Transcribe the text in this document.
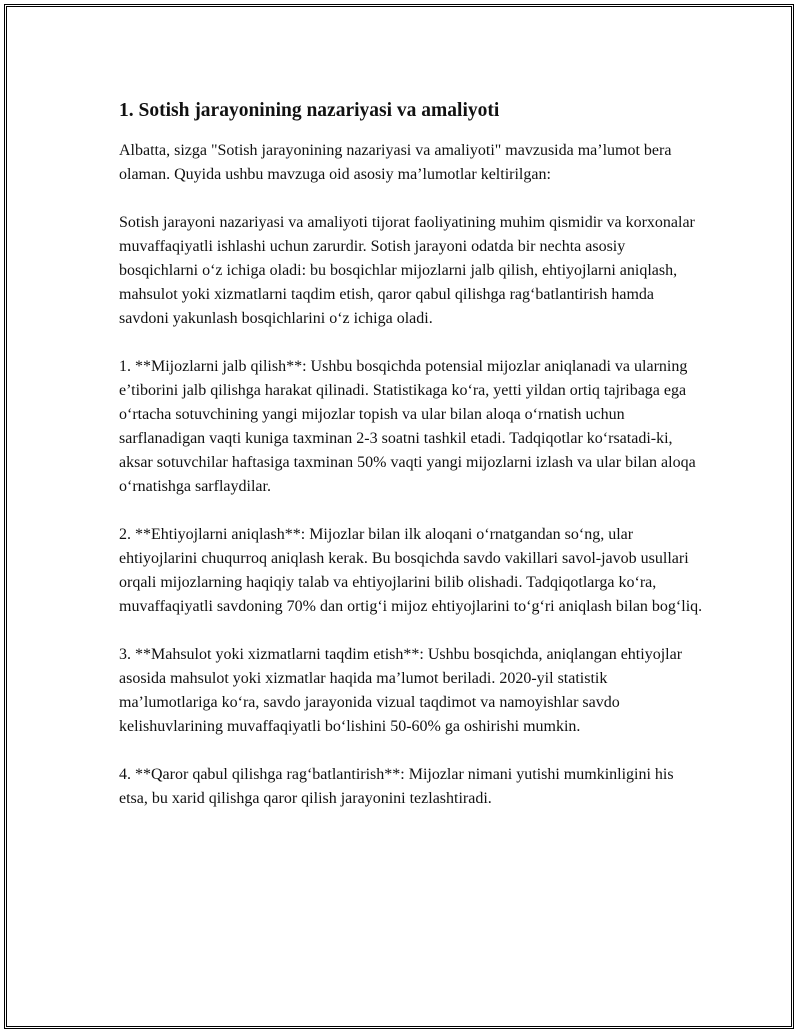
1. Sotish jarayonining nazariyasi va amaliyoti

Albatta, sizga "Sotish jarayonining nazariyasi va amaliyoti" mavzusida ma’lumot bera olaman. Quyida ushbu mavzuga oid asosiy ma’lumotlar keltirilgan:

Sotish jarayoni nazariyasi va amaliyoti tijorat faoliyatining muhim qismidir va korxonalar muvaffaqiyatli ishlashi uchun zarurdir. Sotish jarayoni odatda bir nechta asosiy bosqichlarni o‘z ichiga oladi: bu bosqichlar mijozlarni jalb qilish, ehtiyojlarni aniqlash, mahsulot yoki xizmatlarni taqdim etish, qaror qabul qilishga rag‘batlantirish hamda savdoni yakunlash bosqichlarini o‘z ichiga oladi.

1. **Mijozlarni jalb qilish**: Ushbu bosqichda potensial mijozlar aniqlanadi va ularning e’tiborini jalb qilishga harakat qilinadi. Statistikaga ko‘ra, yetti yildan ortiq tajribaga ega o‘rtacha sotuvchining yangi mijozlar topish va ular bilan aloqa o‘rnatish uchun sarflanadigan vaqti kuniga taxminan 2-3 soatni tashkil etadi. Tadqiqotlar ko‘rsatadi-ki, aksar sotuvchilar haftasiga taxminan 50% vaqti yangi mijozlarni izlash va ular bilan aloqa o‘rnatishga sarflaydilar.

2. **Ehtiyojlarni aniqlash**: Mijozlar bilan ilk aloqani o‘rnatgandan so‘ng, ular ehtiyojlarini chuqurroq aniqlash kerak. Bu bosqichda savdo vakillari savol-javob usullari orqali mijozlarning haqiqiy talab va ehtiyojlarini bilib olishadi. Tadqiqotlarga ko‘ra, muvaffaqiyatli savdoning 70% dan ortig‘i mijoz ehtiyojlarini to‘g‘ri aniqlash bilan bog‘liq.

3. **Mahsulot yoki xizmatlarni taqdim etish**: Ushbu bosqichda, aniqlangan ehtiyojlar asosida mahsulot yoki xizmatlar haqida ma’lumot beriladi. 2020-yil statistik ma’lumotlariga ko‘ra, savdo jarayonida vizual taqdimot va namoyishlar savdo kelishuvlarining muvaffaqiyatli bo‘lishini 50-60% ga oshirishi mumkin.

4. **Qaror qabul qilishga rag‘batlantirish**: Mijozlar nimani yutishi mumkinligini his etsa, bu xarid qilishga qaror qilish jarayonini tezlashtiradi.
